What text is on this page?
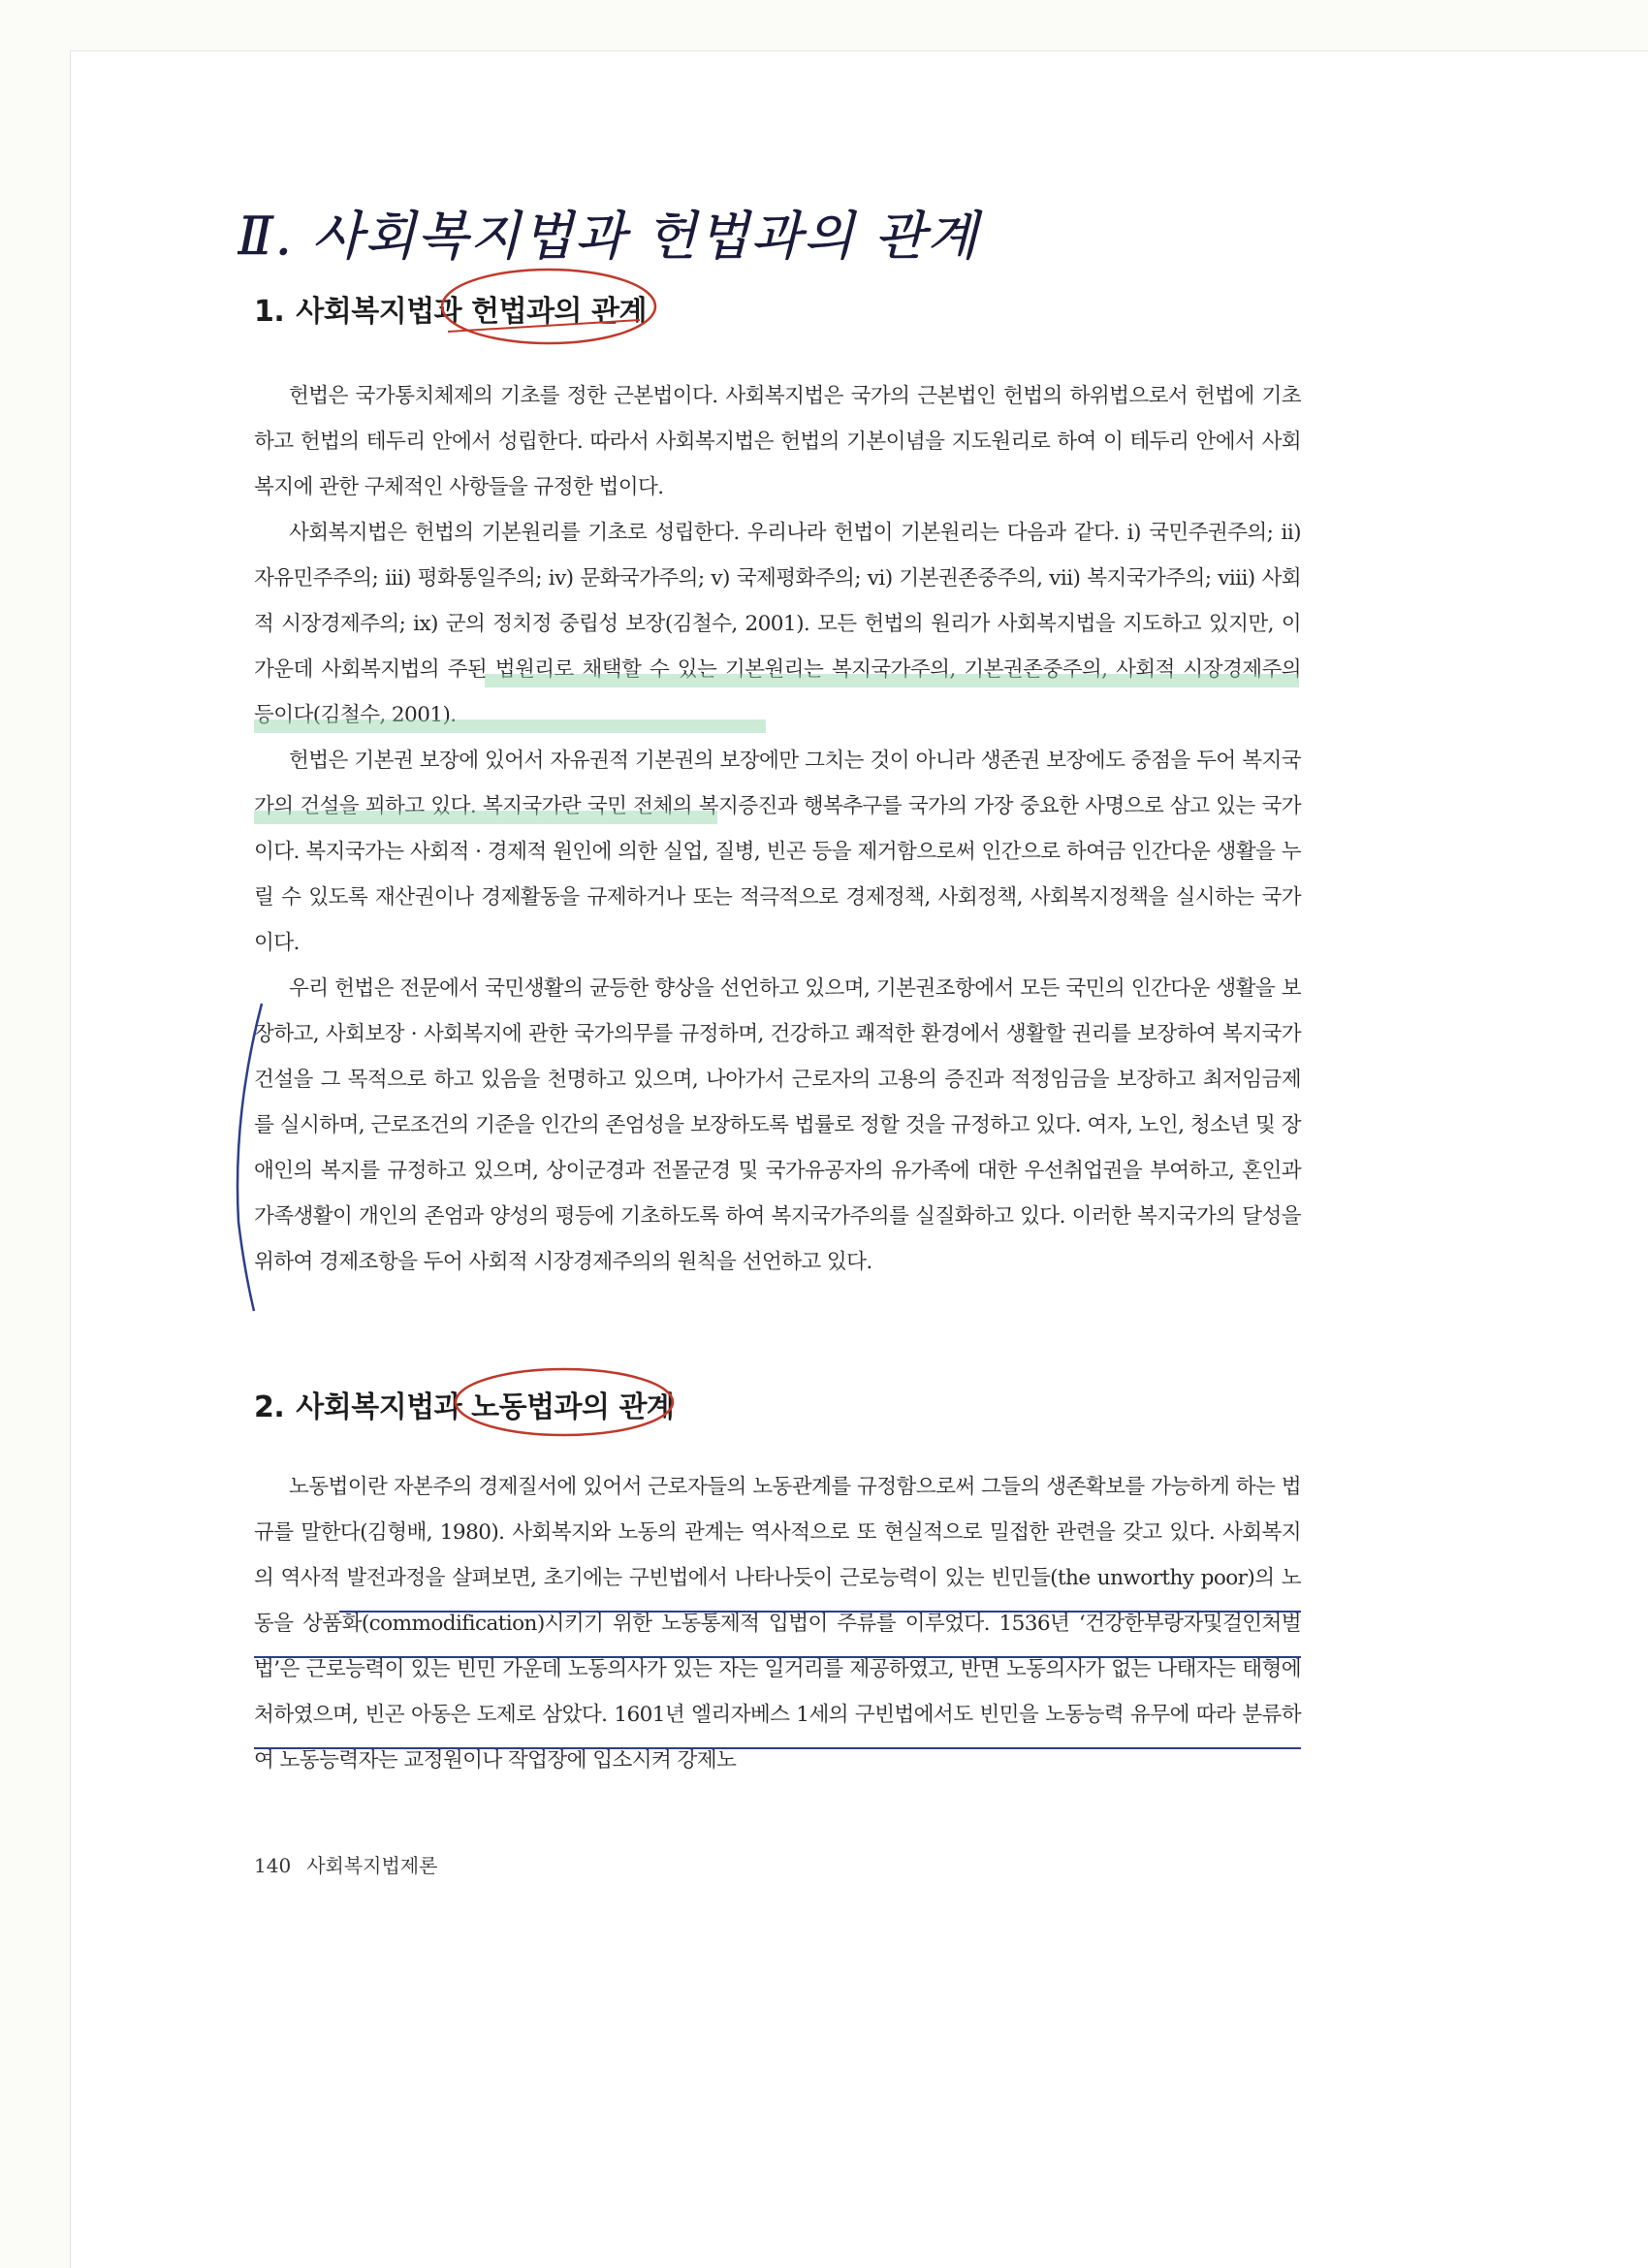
Ⅱ. 사회복지법과 헌법과의 관계
1. 사회복지법과 헌법과의 관계

헌법은 국가통치체제의 기초를 정한 근본법이다. 사회복지법은 국가의 근본법인 헌법의 하위법으로서 헌법에 기초하고 헌법의 테두리 안에서 성립한다. 따라서 사회복지법은 헌법의 기본이념을 지도원리로 하여 이 테두리 안에서 사회복지에 관한 구체적인 사항들을 규정한 법이다.

사회복지법은 헌법의 기본원리를 기초로 성립한다. 우리나라 헌법이 기본원리는 다음과 같다. i) 국민주권주의; ii) 자유민주주의; iii) 평화통일주의; iv) 문화국가주의; v) 국제평화주의; vi) 기본권존중주의, vii) 복지국가주의; viii) 사회적 시장경제주의; ix) 군의 정치정 중립성 보장(김철수, 2001). 모든 헌법의 원리가 사회복지법을 지도하고 있지만, 이 가운데 사회복지법의 주된 법원리로 채택할 수 있는 기본원리는 복지국가주의, 기본권존중주의, 사회적 시장경제주의 등이다(김철수, 2001).

헌법은 기본권 보장에 있어서 자유권적 기본권의 보장에만 그치는 것이 아니라 생존권 보장에도 중점을 두어 복지국가의 건설을 꾀하고 있다. 복지국가란 국민 전체의 복지증진과 행복추구를 국가의 가장 중요한 사명으로 삼고 있는 국가이다. 복지국가는 사회적 · 경제적 원인에 의한 실업, 질병, 빈곤 등을 제거함으로써 인간으로 하여금 인간다운 생활을 누릴 수 있도록 재산권이나 경제활동을 규제하거나 또는 적극적으로 경제정책, 사회정책, 사회복지정책을 실시하는 국가이다.

우리 헌법은 전문에서 국민생활의 균등한 향상을 선언하고 있으며, 기본권조항에서 모든 국민의 인간다운 생활을 보장하고, 사회보장 · 사회복지에 관한 국가의무를 규정하며, 건강하고 쾌적한 환경에서 생활할 권리를 보장하여 복지국가 건설을 그 목적으로 하고 있음을 천명하고 있으며, 나아가서 근로자의 고용의 증진과 적정임금을 보장하고 최저임금제를 실시하며, 근로조건의 기준을 인간의 존엄성을 보장하도록 법률로 정할 것을 규정하고 있다. 여자, 노인, 청소년 및 장애인의 복지를 규정하고 있으며, 상이군경과 전몰군경 및 국가유공자의 유가족에 대한 우선취업권을 부여하고, 혼인과 가족생활이 개인의 존엄과 양성의 평등에 기초하도록 하여 복지국가주의를 실질화하고 있다. 이러한 복지국가의 달성을 위하여 경제조항을 두어 사회적 시장경제주의의 원칙을 선언하고 있다.

2. 사회복지법과 노동법과의 관계

노동법이란 자본주의 경제질서에 있어서 근로자들의 노동관계를 규정함으로써 그들의 생존확보를 가능하게 하는 법규를 말한다(김형배, 1980). 사회복지와 노동의 관계는 역사적으로 또 현실적으로 밀접한 관련을 갖고 있다. 사회복지의 역사적 발전과정을 살펴보면, 초기에는 구빈법에서 나타나듯이 근로능력이 있는 빈민들(the unworthy poor)의 노동을 상품화(commodification)시키기 위한 노동통제적 입법이 주류를 이루었다. 1536년 ‘건강한부랑자및걸인처벌법’은 근로능력이 있는 빈민 가운데 노동의사가 있는 자는 일거리를 제공하였고, 반면 노동의사가 없는 나태자는 태형에 처하였으며, 빈곤 아동은 도제로 삼았다. 1601년 엘리자베스 1세의 구빈법에서도 빈민을 노동능력 유무에 따라 분류하여 노동능력자는 교정원이나 작업장에 입소시켜 강제노

140 사회복지법제론
